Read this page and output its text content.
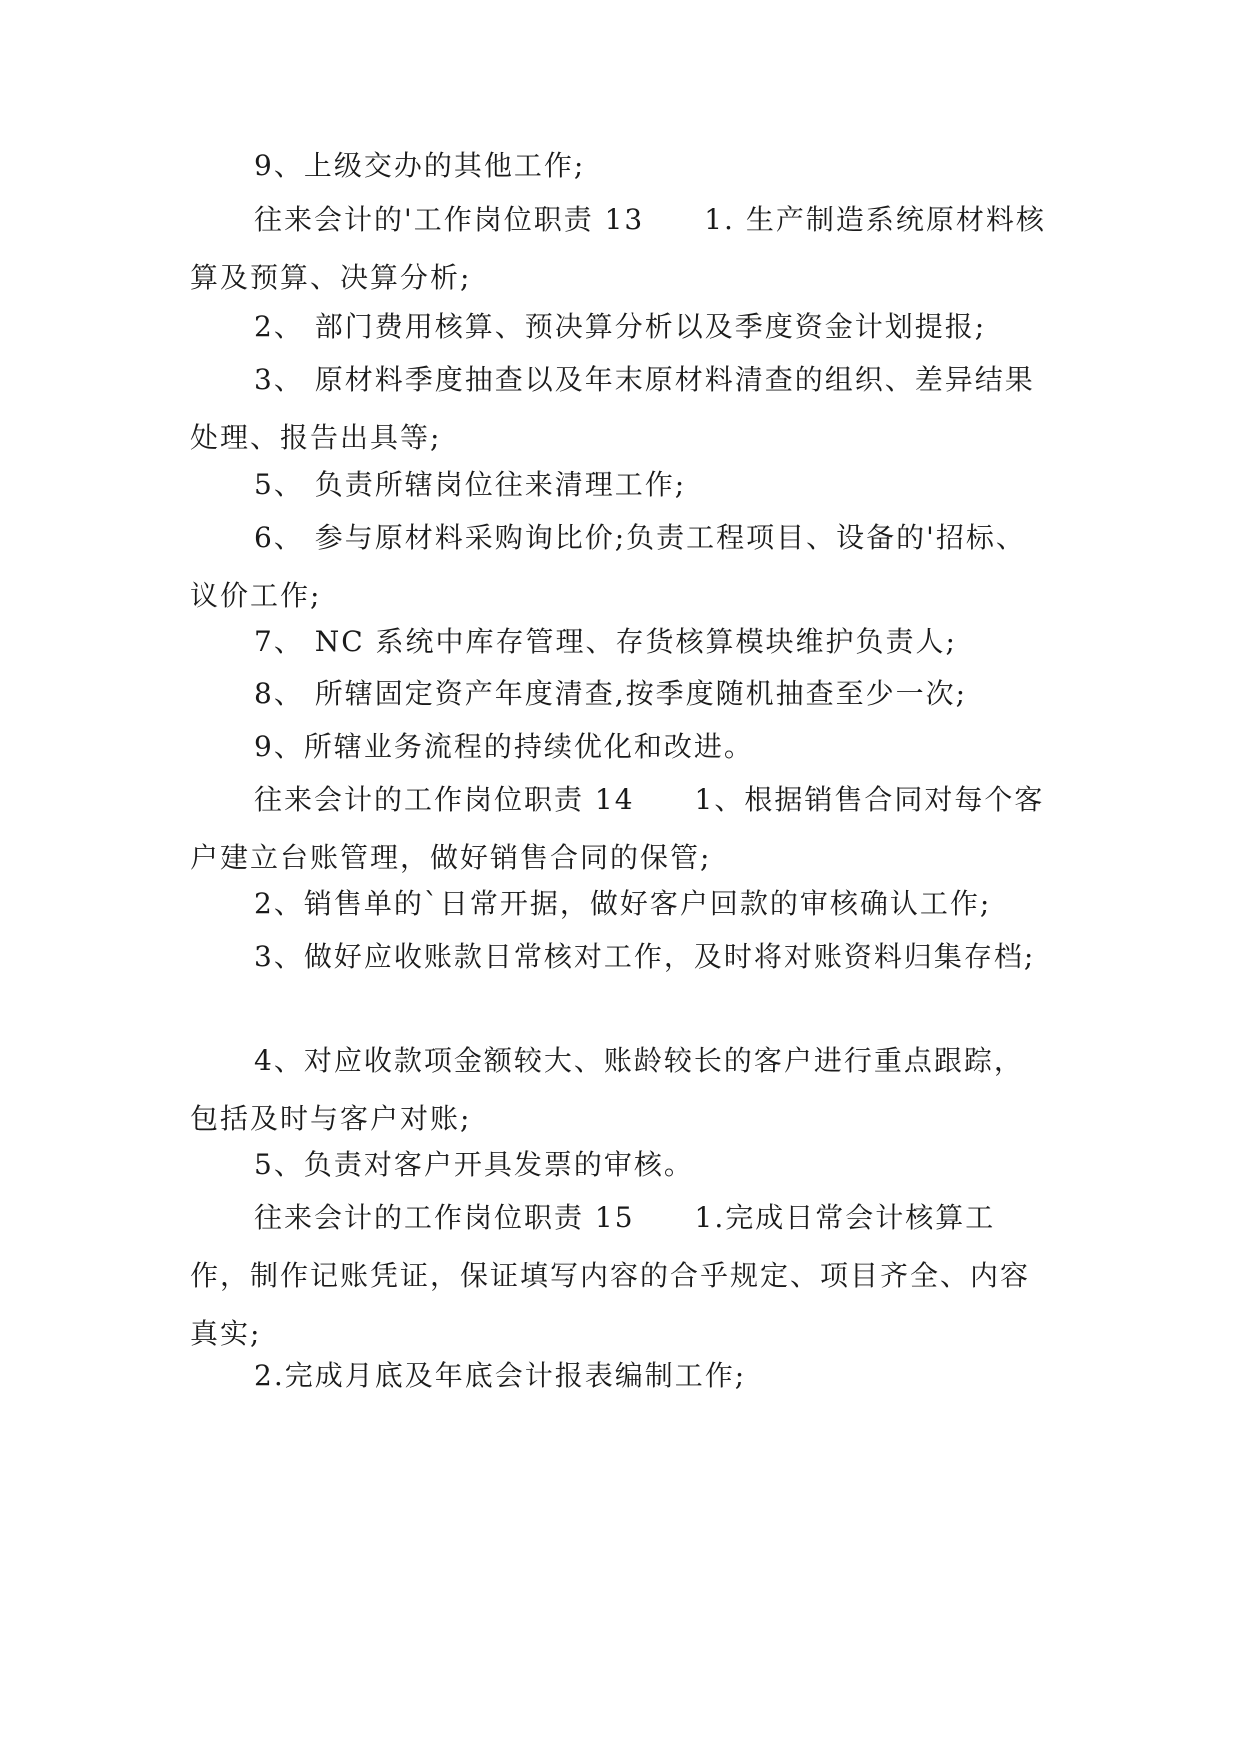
9、上级交办的其他工作;

往来会计的'工作岗位职责 13　　1. 生产制造系统原材料核算及预算、决算分析;

2、 部门费用核算、预决算分析以及季度资金计划提报;

3、 原材料季度抽查以及年末原材料清查的组织、差异结果处理、报告出具等;

5、 负责所辖岗位往来清理工作;

6、 参与原材料采购询比价;负责工程项目、设备的'招标、议价工作;

7、 NC 系统中库存管理、存货核算模块维护负责人;

8、 所辖固定资产年度清查,按季度随机抽查至少一次;

9、所辖业务流程的持续优化和改进。

往来会计的工作岗位职责 14　　1、根据销售合同对每个客户建立台账管理，做好销售合同的保管;

2、销售单的`日常开据，做好客户回款的审核确认工作;

3、做好应收账款日常核对工作，及时将对账资料归集存档;

4、对应收款项金额较大、账龄较长的客户进行重点跟踪，包括及时与客户对账;

5、负责对客户开具发票的审核。

往来会计的工作岗位职责 15　　1.完成日常会计核算工作，制作记账凭证，保证填写内容的合乎规定、项目齐全、内容真实;

2.完成月底及年底会计报表编制工作;
